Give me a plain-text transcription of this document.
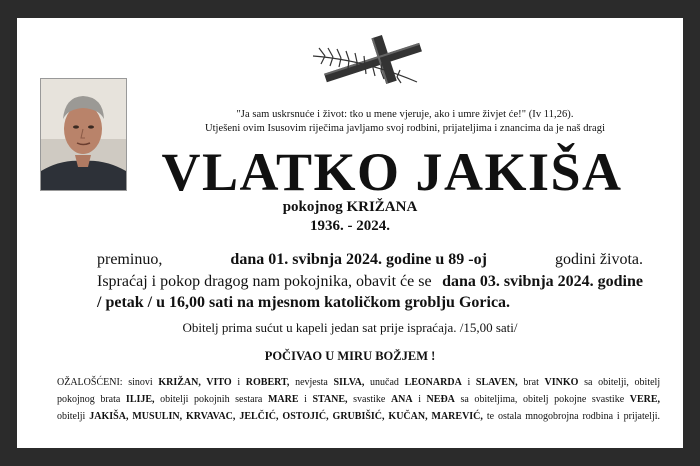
"Ja sam uskrsnuće i život: tko u mene vjeruje, ako i umre živjet će!" (Iv 11,26).
Utješeni ovim Isusovim riječima javljamo svoj rodbini, prijateljima i znancima da je naš dragi
VLATKO JAKIŠA
pokojnog KRIŽANA
1936. - 2024.
preminuo,	dana 01. svibnja 2024. godine u 89 -oj	godini života.
Ispraćaj i pokop dragog nam pokojnika, obavit će se dana 03. svibnja 2024. godine
/ petak / u 16,00 sati na mjesnom katoličkom groblju Gorica.
Obitelj prima sućut u kapeli jedan sat prije ispraćaja. /15,00 sati/
POČIVAO U MIRU BOŽJEM !
OŽALOŠĆENI: sinovi KRIŽAN, VITO i ROBERT, nevjesta SILVA, unučad LEONARDA i SLAVEN, brat VINKO sa obitelji, obitelj
pokojnog brata ILIJE, obitelji pokojnih sestara MARE i STANE, svastike ANA i NEĐA sa obiteljima, obitelj pokojne svastike VERE,
obitelji JAKIŠA, MUSULIN, KRVAVAC, JELČIĆ, OSTOJIĆ, GRUBIŠIĆ, KUČAN, MAREVIĆ, te ostala mnogobrojna rodbina i prijatelji.
